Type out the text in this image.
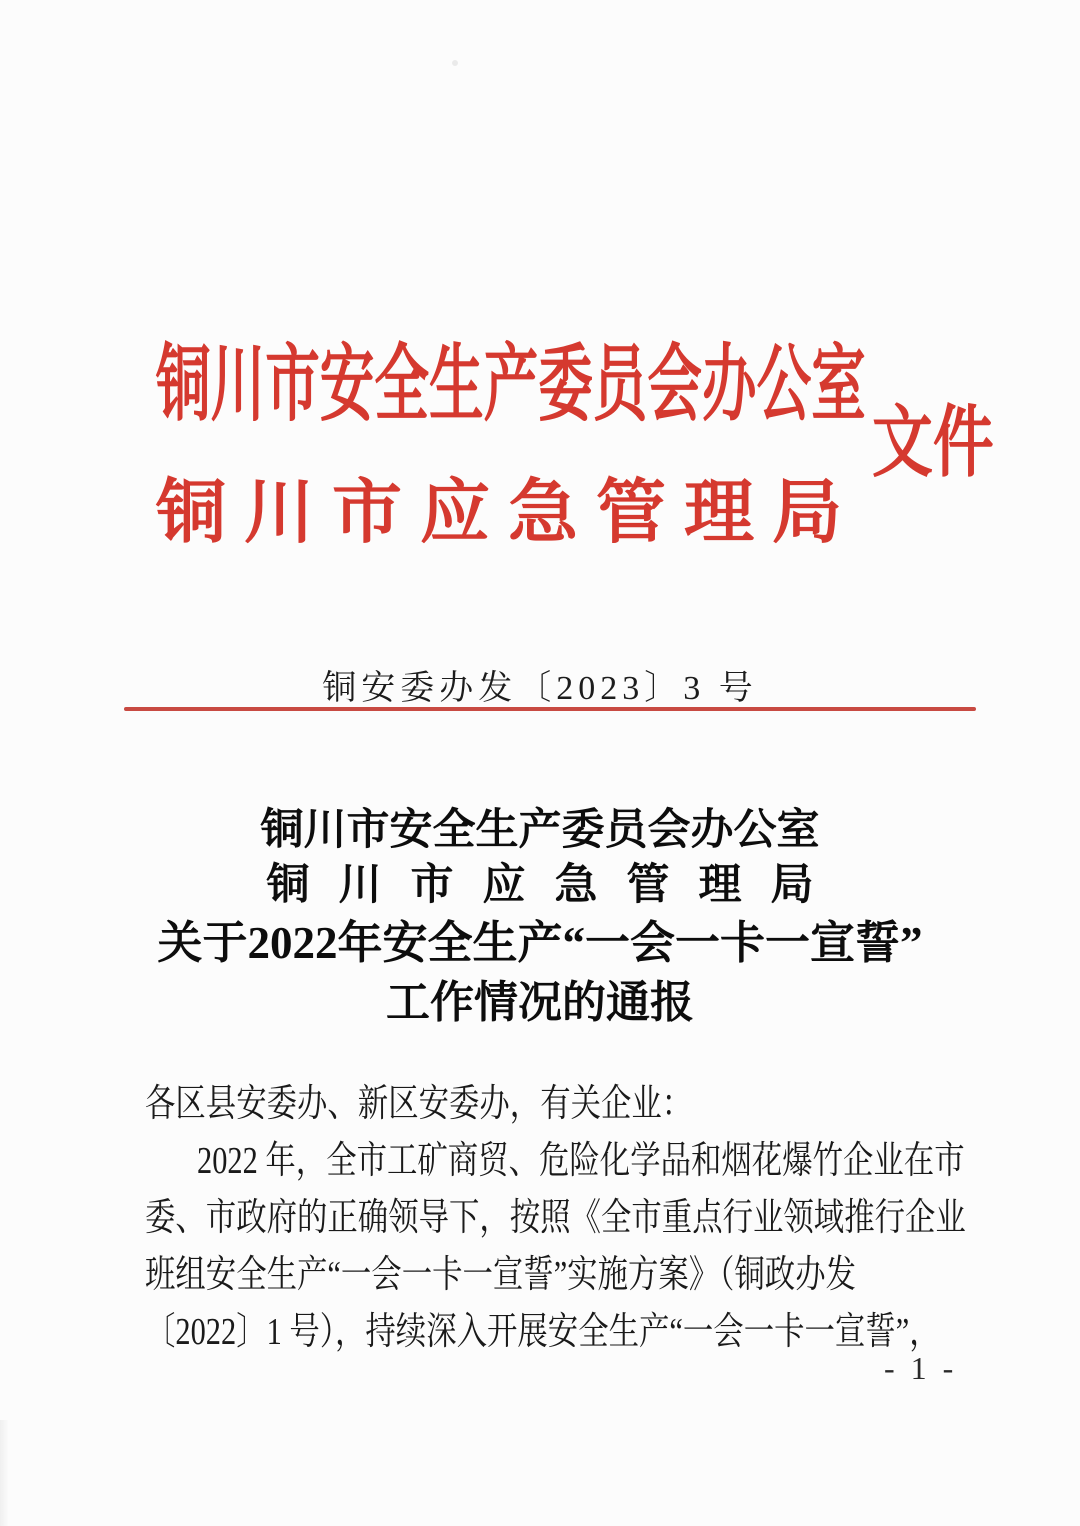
铜川市安全生产委员会办公室
铜川市应急管理局
文件
铜安委办发〔2023〕3 号
铜川市安全生产委员会办公室
铜川市应急管理局
关于2022年安全生产“一会一卡一宣誓”
工作情况的通报
各区县安委办、新区安委办，有关企业：
2022 年，全市工矿商贸、危险化学品和烟花爆竹企业在市
委、市政府的正确领导下，按照《全市重点行业领域推行企业
班组安全生产“一会一卡一宣誓”实施方案》（铜政办发
〔2022〕1 号），持续深入开展安全生产“一会一卡一宣誓”，
- 1 -
